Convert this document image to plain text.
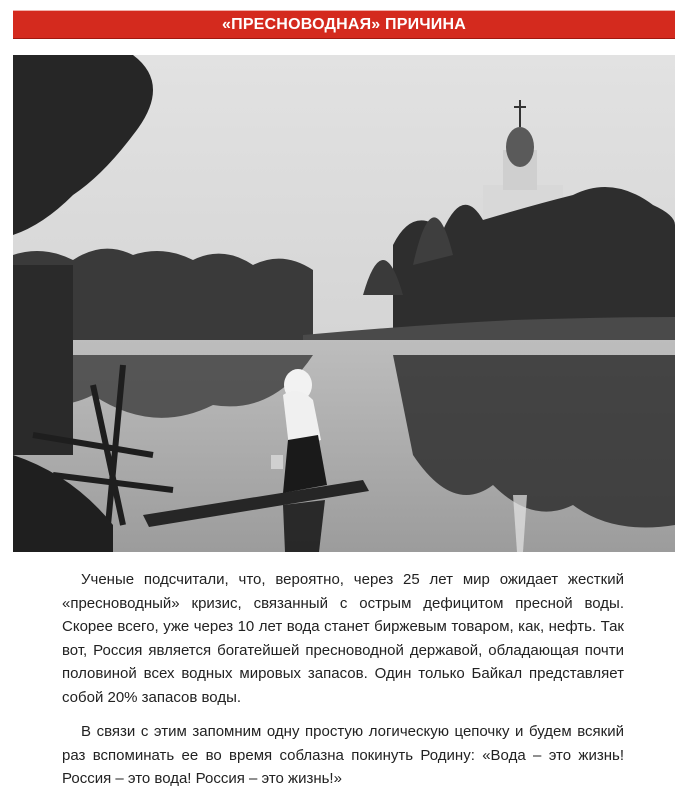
«ПРЕСНОВОДНАЯ» ПРИЧИНА

Ученые подсчитали, что, вероятно, через 25 лет мир ожидает жесткий «пресноводный» кризис, связанный с острым дефицитом пресной воды. Скорее всего, уже через 10 лет вода станет биржевым товаром, как, нефть. Так вот, Россия является богатейшей пресноводной державой, обладающая почти половиной всех водных мировых запасов. Один только Байкал представляет собой 20% запасов воды.

В связи с этим запомним одну простую логическую цепочку и будем всякий раз вспоминать ее во время соблазна покинуть Родину: «Вода – это жизнь! Россия – это вода! Россия – это жизнь!»
